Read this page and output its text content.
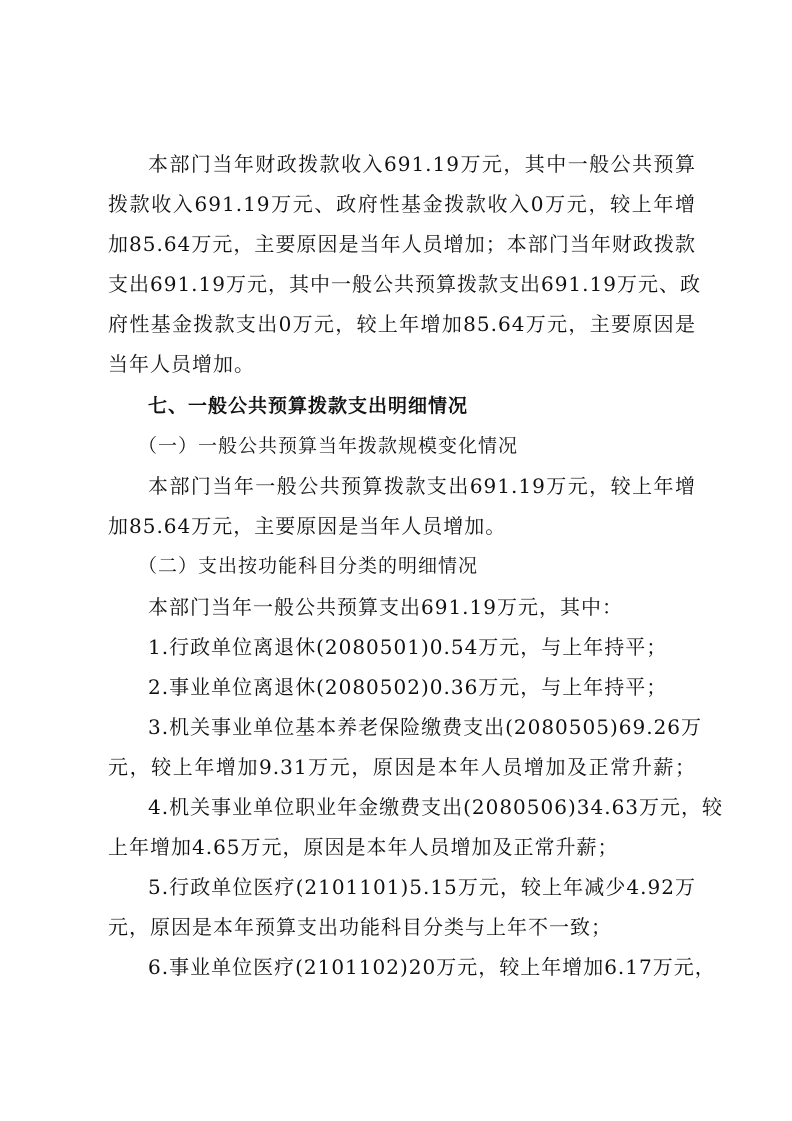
本部门当年财政拨款收入691.19万元，其中一般公共预算
拨款收入691.19万元、政府性基金拨款收入0万元，较上年增
加85.64万元，主要原因是当年人员增加；本部门当年财政拨款
支出691.19万元，其中一般公共预算拨款支出691.19万元、政
府性基金拨款支出0万元，较上年增加85.64万元，主要原因是
当年人员增加。
七、一般公共预算拨款支出明细情况
（一）一般公共预算当年拨款规模变化情况
本部门当年一般公共预算拨款支出691.19万元，较上年增
加85.64万元，主要原因是当年人员增加。
（二）支出按功能科目分类的明细情况
本部门当年一般公共预算支出691.19万元，其中：
1.行政单位离退休(2080501)0.54万元，与上年持平；
2.事业单位离退休(2080502)0.36万元，与上年持平；
3.机关事业单位基本养老保险缴费支出(2080505)69.26万
元，较上年增加9.31万元，原因是本年人员增加及正常升薪；
4.机关事业单位职业年金缴费支出(2080506)34.63万元，较
上年增加4.65万元，原因是本年人员增加及正常升薪；
5.行政单位医疗(2101101)5.15万元，较上年减少4.92万
元，原因是本年预算支出功能科目分类与上年不一致；
6.事业单位医疗(2101102)20万元，较上年增加6.17万元，
